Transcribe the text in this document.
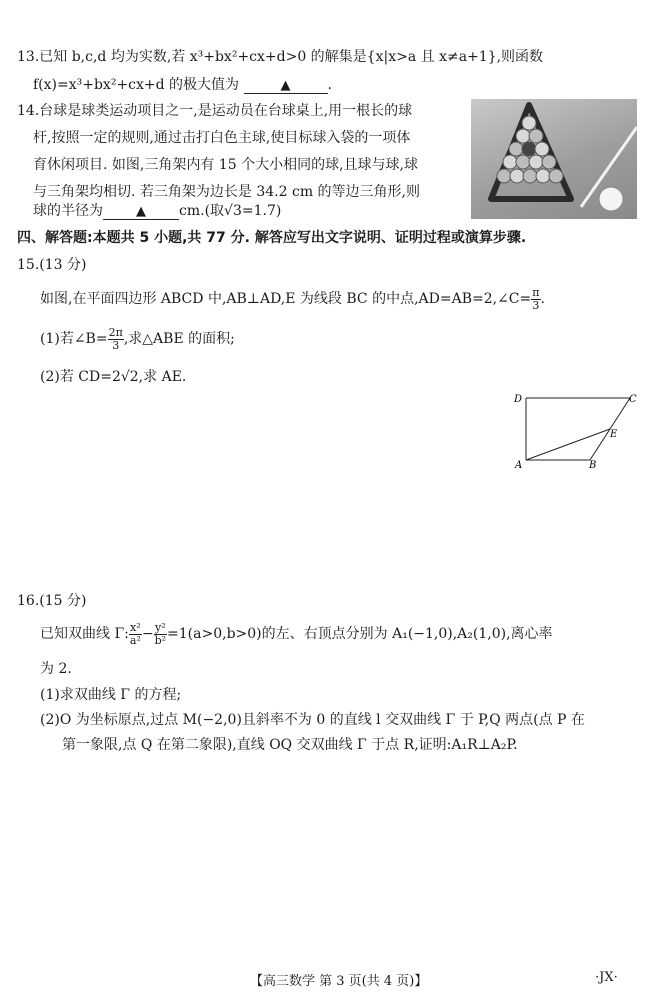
13.已知 b,c,d 均为实数,若 x³+bx²+cx+d>0 的解集是{x|x>a 且 x≠a+1},则函数
f(x)=x³+bx²+cx+d 的极大值为	▲	.
14.台球是球类运动项目之一,是运动员在台球桌上,用一根长的球
杆,按照一定的规则,通过击打白色主球,使目标球入袋的一项体
育休闲项目. 如图,三角架内有 15 个大小相同的球,且球与球,球
与三角架均相切. 若三角架为边长是 34.2 cm 的等边三角形,则
球的半径为	▲ cm.(取√3=1.7)
四、解答题:本题共 5 小题,共 77 分. 解答应写出文字说明、证明过程或演算步骤.
15.(13 分)
如图,在平面四边形 ABCD 中,AB⊥AD,E 为线段 BC 的中点,AD=AB=2,∠C= $\frac{\pi}{3}$ .
(1)若∠B= $\frac{2\pi}{3}$ ,求△ABE 的面积;
(2)若 CD=2√2,求 AE.
D	C
E
A	B
16.(15 分)
已知双曲线 Γ: $\frac{\text{x²}}{\text{a²}} - \frac{\text{y²}}{\text{b²}} =1(a>0,b>0)$的左、右顶点分别为 A₁(−1,0),A₂(1,0),离心率
为 2.
(1)求双曲线 Γ 的方程;
(2)O 为坐标原点,过点 M(−2,0)且斜率不为 0 的直线 l 交双曲线 Γ 于 P,Q 两点(点 P 在
第一象限,点 Q 在第二象限),直线 OQ 交双曲线 Γ 于点 R,证明:A₁R⊥A₂P.
【高三数学 第 3 页(共 4 页)】	·JX·
